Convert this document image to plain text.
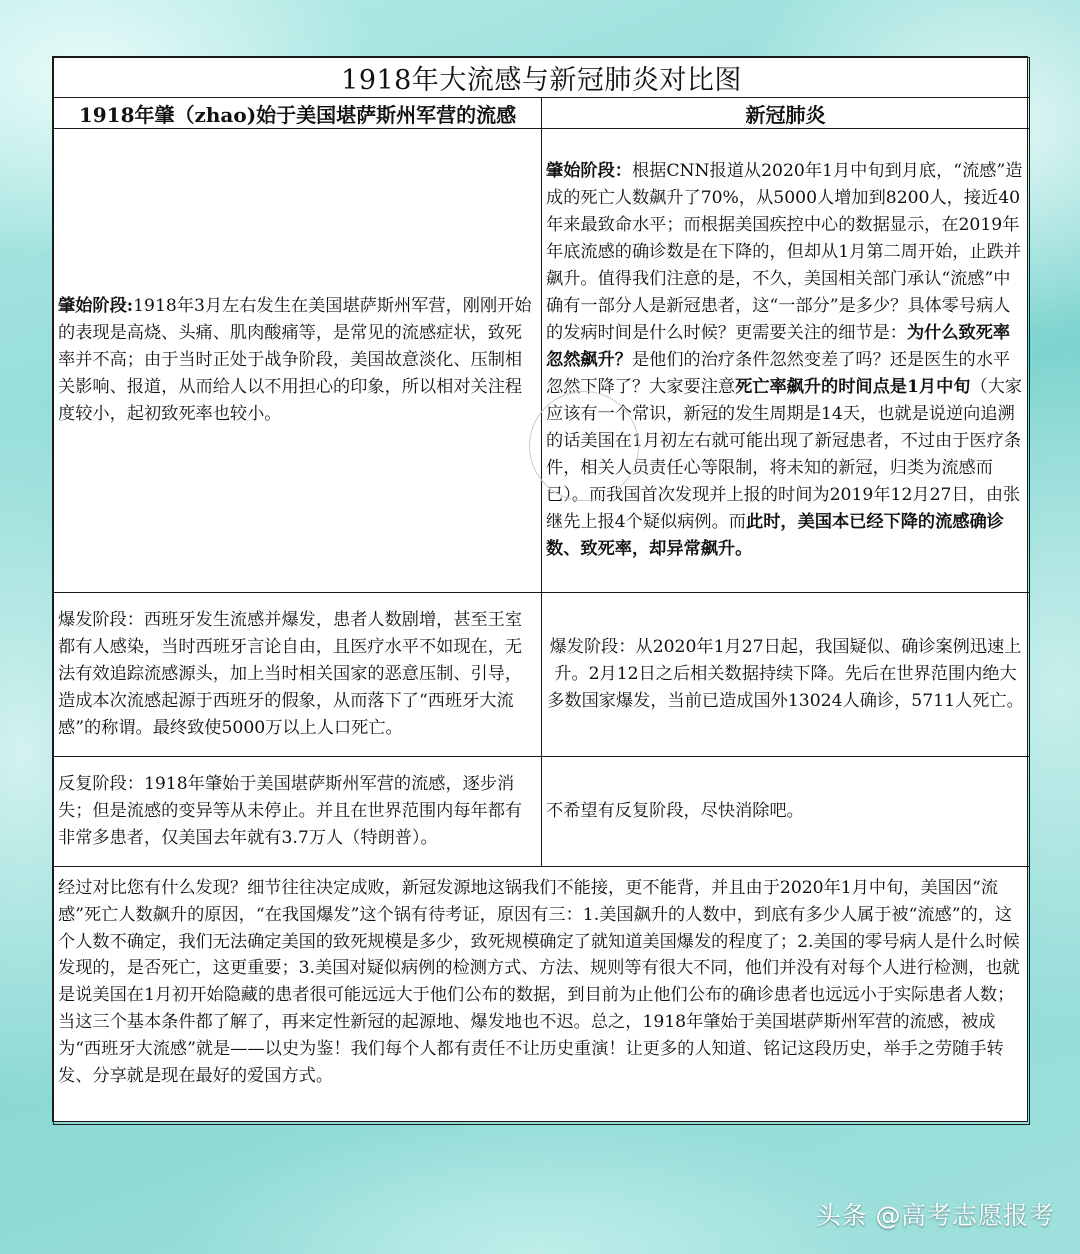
1918年大流感与新冠肺炎对比图	
1918年肇（zhao)始于美国堪萨斯州军营的流感	新冠肺炎
肇始阶段:1918年3月左右发生在美国堪萨斯州军营，刚刚开始的表现是高烧、头痛、肌肉酸痛等，是常见的流感症状，致死率并不高；由于当时正处于战争阶段，美国故意淡化、压制相关影响、报道，从而给人以不用担心的印象，所以相对关注程度较小，起初致死率也较小。	肇始阶段：根据CNN报道从2020年1月中旬到月底，“流感”造成的死亡人数飙升了70%，从5000人增加到8200人，接近40年来最致命水平；而根据美国疾控中心的数据显示，在2019年年底流感的确诊数是在下降的，但却从1月第二周开始，止跌并飙升。值得我们注意的是，不久，美国相关部门承认“流感”中确有一部分人是新冠患者，这“一部分”是多少？具体零号病人的发病时间是什么时候？更需要关注的细节是：为什么致死率忽然飙升？是他们的治疗条件忽然变差了吗？还是医生的水平忽然下降了？大家要注意死亡率飙升的时间点是1月中旬（大家应该有一个常识，新冠的发生周期是14天，也就是说逆向追溯的话美国在1月初左右就可能出现了新冠患者，不过由于医疗条件，相关人员责任心等限制，将未知的新冠，归类为流感而已）。而我国首次发现并上报的时间为2019年12月27日，由张继先上报4个疑似病例。而此时，美国本已经下降的流感确诊数、致死率，却异常飙升。
爆发阶段：西班牙发生流感并爆发，患者人数剧增，甚至王室都有人感染，当时西班牙言论自由，且医疗水平不如现在，无法有效追踪流感源头，加上当时相关国家的恶意压制、引导，造成本次流感起源于西班牙的假象，从而落下了“西班牙大流感”的称谓。最终致使5000万以上人口死亡。	爆发阶段：从2020年1月27日起，我国疑似、确诊案例迅速上升。2月12日之后相关数据持续下降。先后在世界范围内绝大多数国家爆发，当前已造成国外13024人确诊，5711人死亡。
反复阶段：1918年肇始于美国堪萨斯州军营的流感，逐步消失；但是流感的变异等从未停止。并且在世界范围内每年都有非常多患者，仅美国去年就有3.7万人（特朗普）。	不希望有反复阶段，尽快消除吧。
经过对比您有什么发现？细节往往决定成败，新冠发源地这锅我们不能接，更不能背，并且由于2020年1月中旬，美国因“流感”死亡人数飙升的原因，“在我国爆发”这个锅有待考证，原因有三：1.美国飙升的人数中，到底有多少人属于被“流感”的，这个人数不确定，我们无法确定美国的致死规模是多少，致死规模确定了就知道美国爆发的程度了；2.美国的零号病人是什么时候发现的，是否死亡，这更重要；3.美国对疑似病例的检测方式、方法、规则等有很大不同，他们并没有对每个人进行检测，也就是说美国在1月初开始隐藏的患者很可能远远大于他们公布的数据，到目前为止他们公布的确诊患者也远远小于实际患者人数；当这三个基本条件都了解了，再来定性新冠的起源地、爆发地也不迟。总之，1918年肇始于美国堪萨斯州军营的流感，被成为“西班牙大流感”就是——以史为鉴！我们每个人都有责任不让历史重演！让更多的人知道、铭记这段历史，举手之劳随手转发、分享就是现在最好的爱国方式。	
头条 @高考志愿报考
